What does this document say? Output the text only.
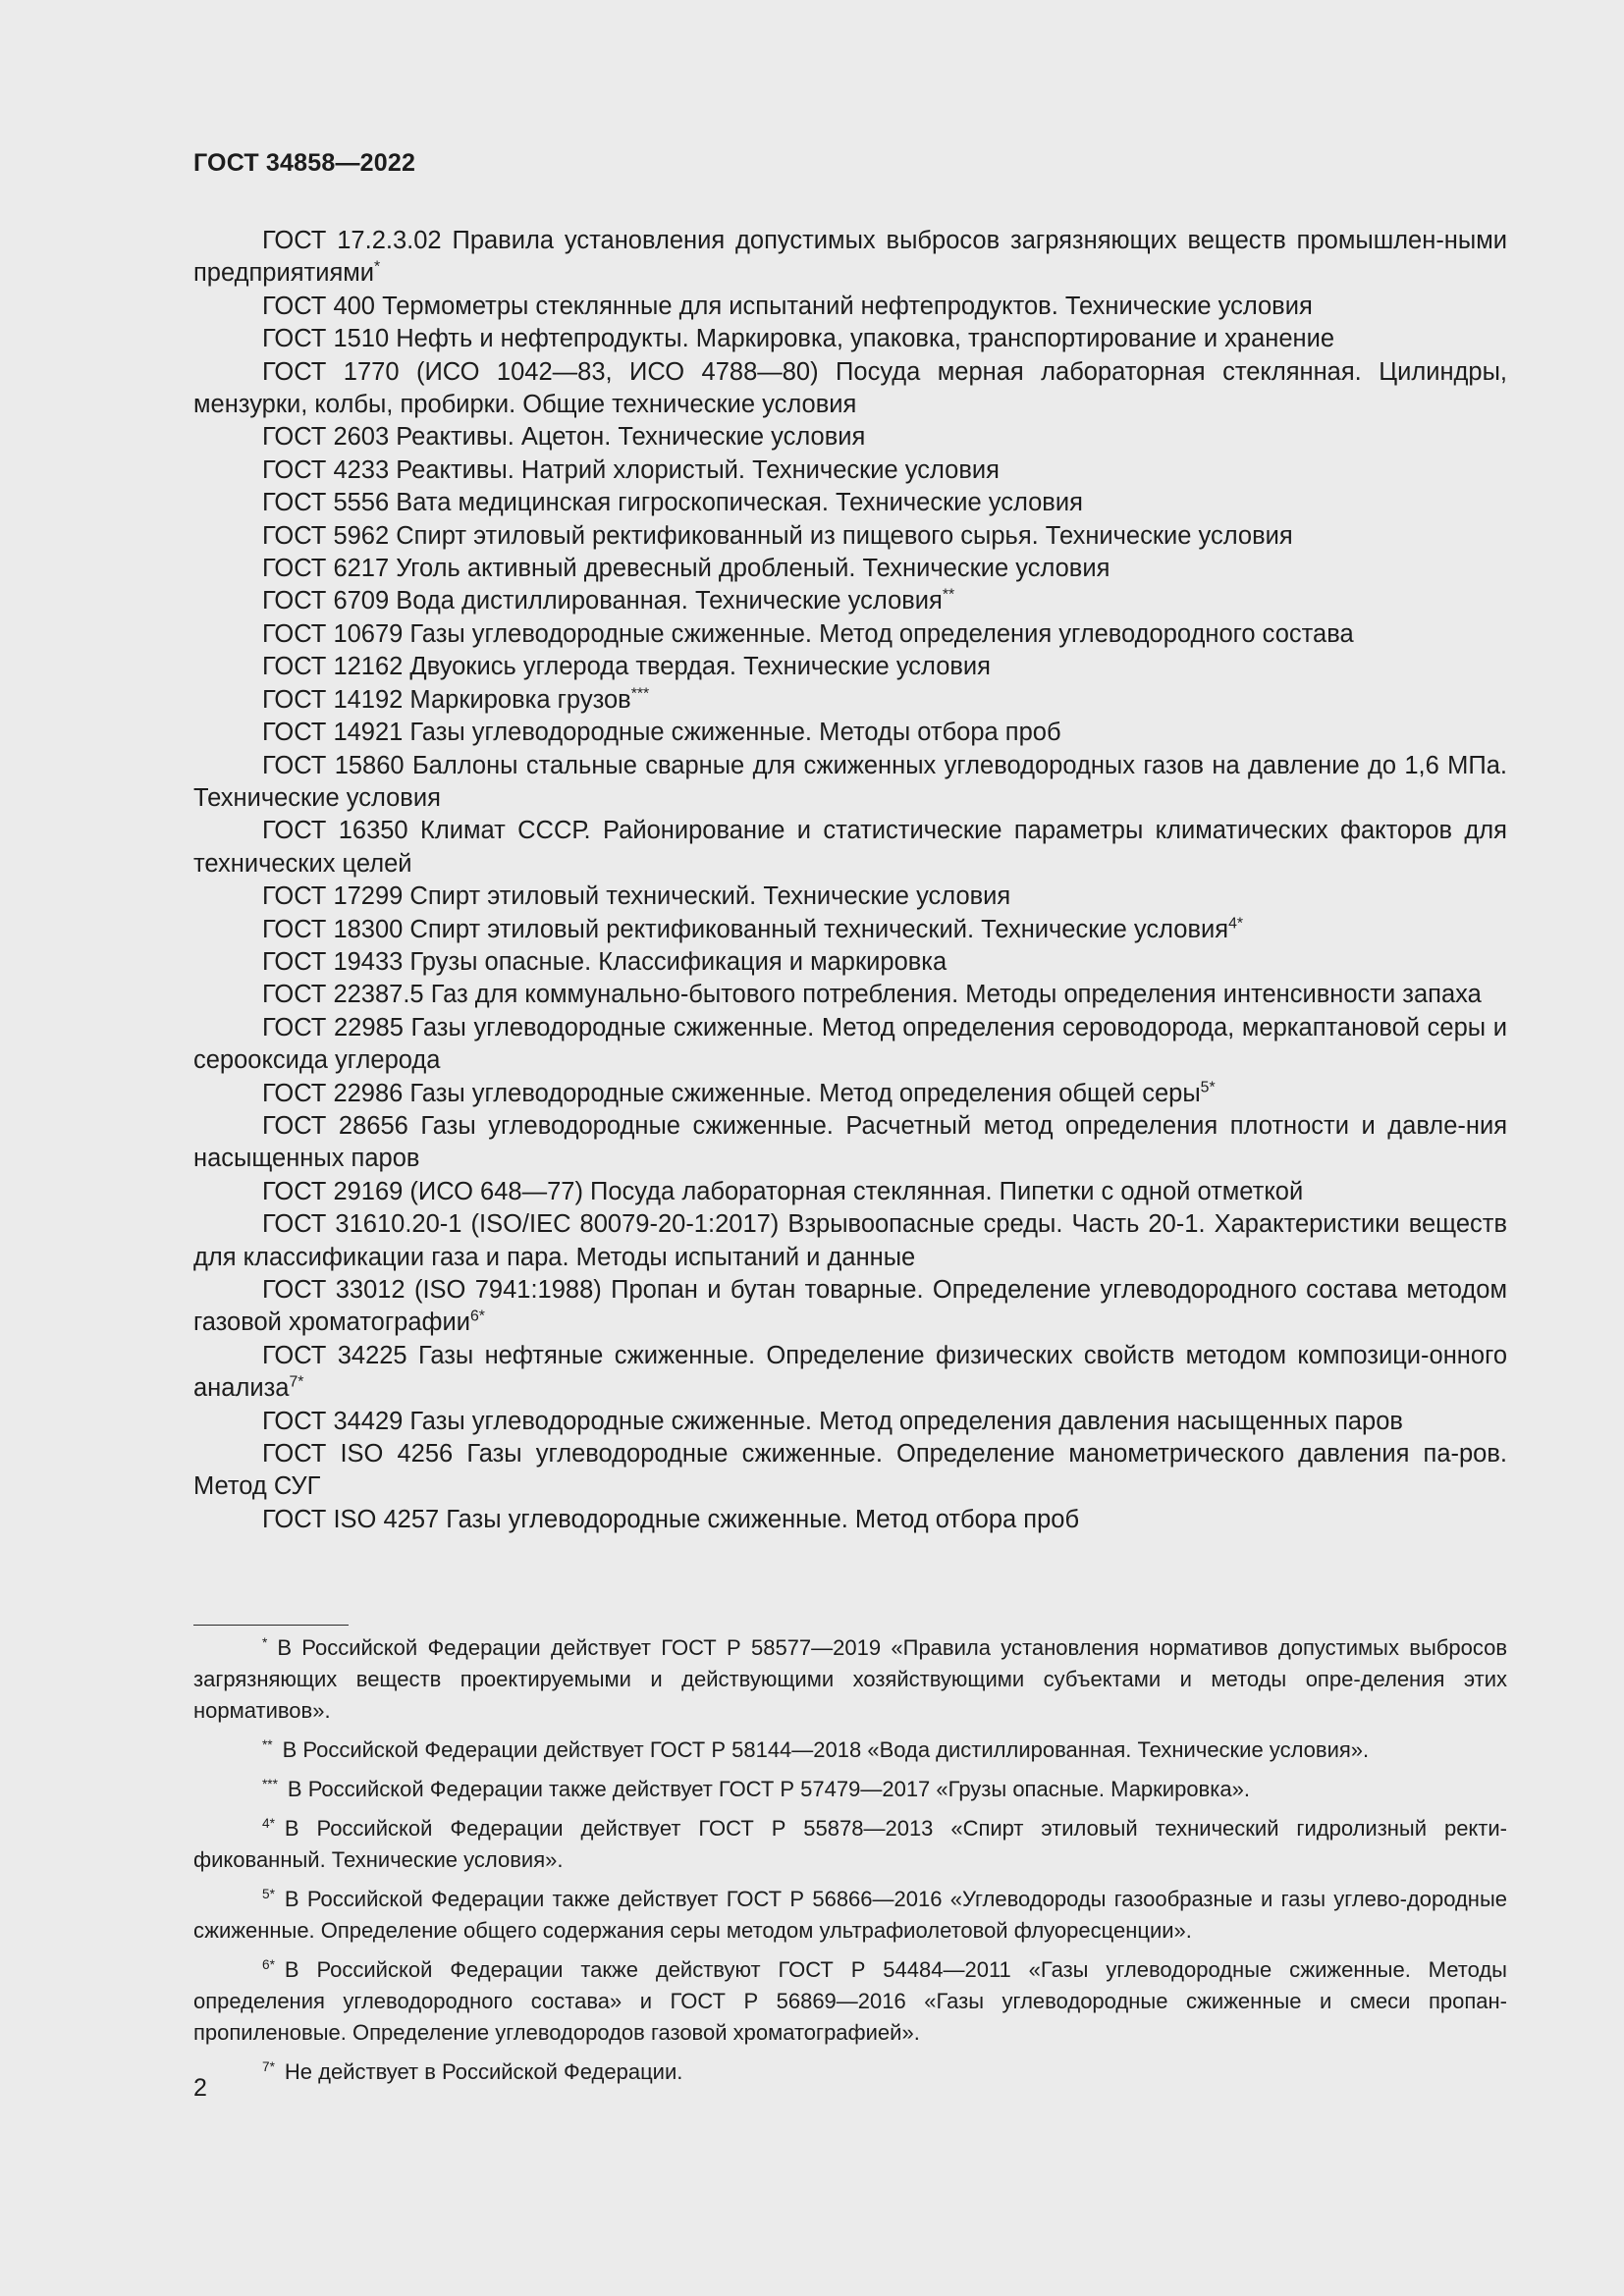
ГОСТ 34858—2022

ГОСТ 17.2.3.02 Правила установления допустимых выбросов загрязняющих веществ промышлен-ными предприятиями*

ГОСТ 400 Термометры стеклянные для испытаний нефтепродуктов. Технические условия

ГОСТ 1510 Нефть и нефтепродукты. Маркировка, упаковка, транспортирование и хранение

ГОСТ 1770 (ИСО 1042—83, ИСО 4788—80) Посуда мерная лабораторная стеклянная. Цилиндры, мензурки, колбы, пробирки. Общие технические условия

ГОСТ 2603 Реактивы. Ацетон. Технические условия

ГОСТ 4233 Реактивы. Натрий хлористый. Технические условия

ГОСТ 5556 Вата медицинская гигроскопическая. Технические условия

ГОСТ 5962 Спирт этиловый ректификованный из пищевого сырья. Технические условия

ГОСТ 6217 Уголь активный древесный дробленый. Технические условия

ГОСТ 6709 Вода дистиллированная. Технические условия**

ГОСТ 10679 Газы углеводородные сжиженные. Метод определения углеводородного состава

ГОСТ 12162 Двуокись углерода твердая. Технические условия

ГОСТ 14192 Маркировка грузов***

ГОСТ 14921 Газы углеводородные сжиженные. Методы отбора проб

ГОСТ 15860 Баллоны стальные сварные для сжиженных углеводородных газов на давление до 1,6 МПа. Технические условия

ГОСТ 16350 Климат СССР. Районирование и статистические параметры климатических факторов для технических целей

ГОСТ 17299 Спирт этиловый технический. Технические условия

ГОСТ 18300 Спирт этиловый ректификованный технический. Технические условия$^{4*}$

ГОСТ 19433 Грузы опасные. Классификация и маркировка

ГОСТ 22387.5 Газ для коммунально-бытового потребления. Методы определения интенсивности запаха

ГОСТ 22985 Газы углеводородные сжиженные. Метод определения сероводорода, меркаптановой серы и серооксида углерода

ГОСТ 22986 Газы углеводородные сжиженные. Метод определения общей серы$^{5*}$

ГОСТ 28656 Газы углеводородные сжиженные. Расчетный метод определения плотности и давле-ния насыщенных паров

ГОСТ 29169 (ИСО 648—77) Посуда лабораторная стеклянная. Пипетки с одной отметкой

ГОСТ 31610.20-1 (ISO/IEC 80079-20-1:2017) Взрывоопасные среды. Часть 20-1. Характеристики веществ для классификации газа и пара. Методы испытаний и данные

ГОСТ 33012 (ISO 7941:1988) Пропан и бутан товарные. Определение углеводородного состава методом газовой хроматографии$^{6*}$

ГОСТ 34225 Газы нефтяные сжиженные. Определение физических свойств методом композици-онного анализа$^{7*}$

ГОСТ 34429 Газы углеводородные сжиженные. Метод определения давления насыщенных паров

ГОСТ ISO 4256 Газы углеводородные сжиженные. Определение манометрического давления па-ров. Метод СУГ

ГОСТ ISO 4257 Газы углеводородные сжиженные. Метод отбора проб

* В Российской Федерации действует ГОСТ Р 58577—2019 «Правила установления нормативов допустимых выбросов загрязняющих веществ проектируемыми и действующими хозяйствующими субъектами и методы опре-деления этих нормативов».

** В Российской Федерации действует ГОСТ Р 58144—2018 «Вода дистиллированная. Технические условия».

*** В Российской Федерации также действует ГОСТ Р 57479—2017 «Грузы опасные. Маркировка».

$^{4*}$ В Российской Федерации действует ГОСТ Р 55878—2013 «Спирт этиловый технический гидролизный ректи-фикованный. Технические условия».

$^{5*}$ В Российской Федерации также действует ГОСТ Р 56866—2016 «Углеводороды газообразные и газы углево-дородные сжиженные. Определение общего содержания серы методом ультрафиолетовой флуоресценции».

$^{6*}$ В Российской Федерации также действуют ГОСТ Р 54484—2011 «Газы углеводородные сжиженные. Методы определения углеводородного состава» и ГОСТ Р 56869—2016 «Газы углеводородные сжиженные и смеси пропан-пропиленовые. Определение углеводородов газовой хроматографией».

$^{7*}$ Не действует в Российской Федерации.

2
